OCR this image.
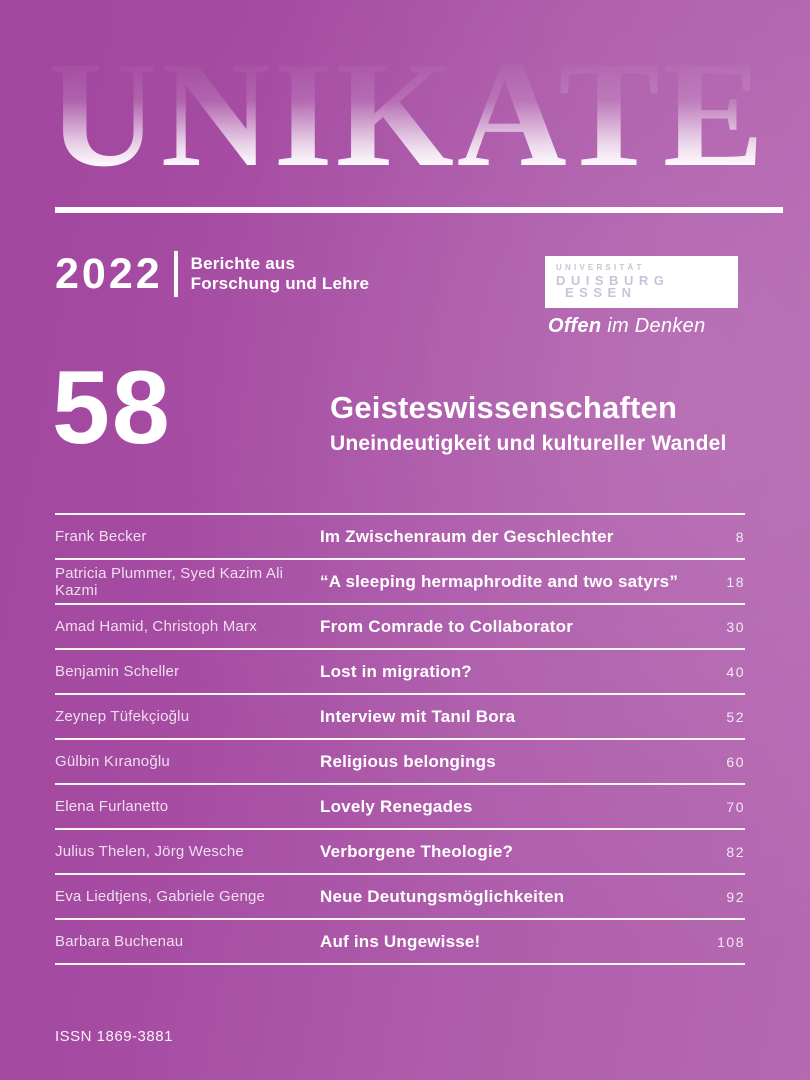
UNIKATE
2022 Berichte aus
Forschung und Lehre
UNIVERSITÄT
DUISBURG
ESSEN
Offen im Denken
58	Geisteswissenschaften
Uneindeutigkeit und kultureller Wandel
Frank Becker	Im Zwischenraum der Geschlechter	8
Patricia Plummer, Syed Kazim Ali Kazmi	“A sleeping hermaphrodite and two satyrs”	18
Amad Hamid, Christoph Marx	From Comrade to Collaborator	30
Benjamin Scheller	Lost in migration?	40
Zeynep Tüfekçioğlu	Interview mit Tanıl Bora	52
Gülbin Kıranoğlu	Religious belongings	60
Elena Furlanetto	Lovely Renegades	70
Julius Thelen, Jörg Wesche	Verborgene Theologie?	82
Eva Liedtjens, Gabriele Genge	Neue Deutungsmöglichkeiten	92
Barbara Buchenau	Auf ins Ungewisse!	108
ISSN 1869-3881
